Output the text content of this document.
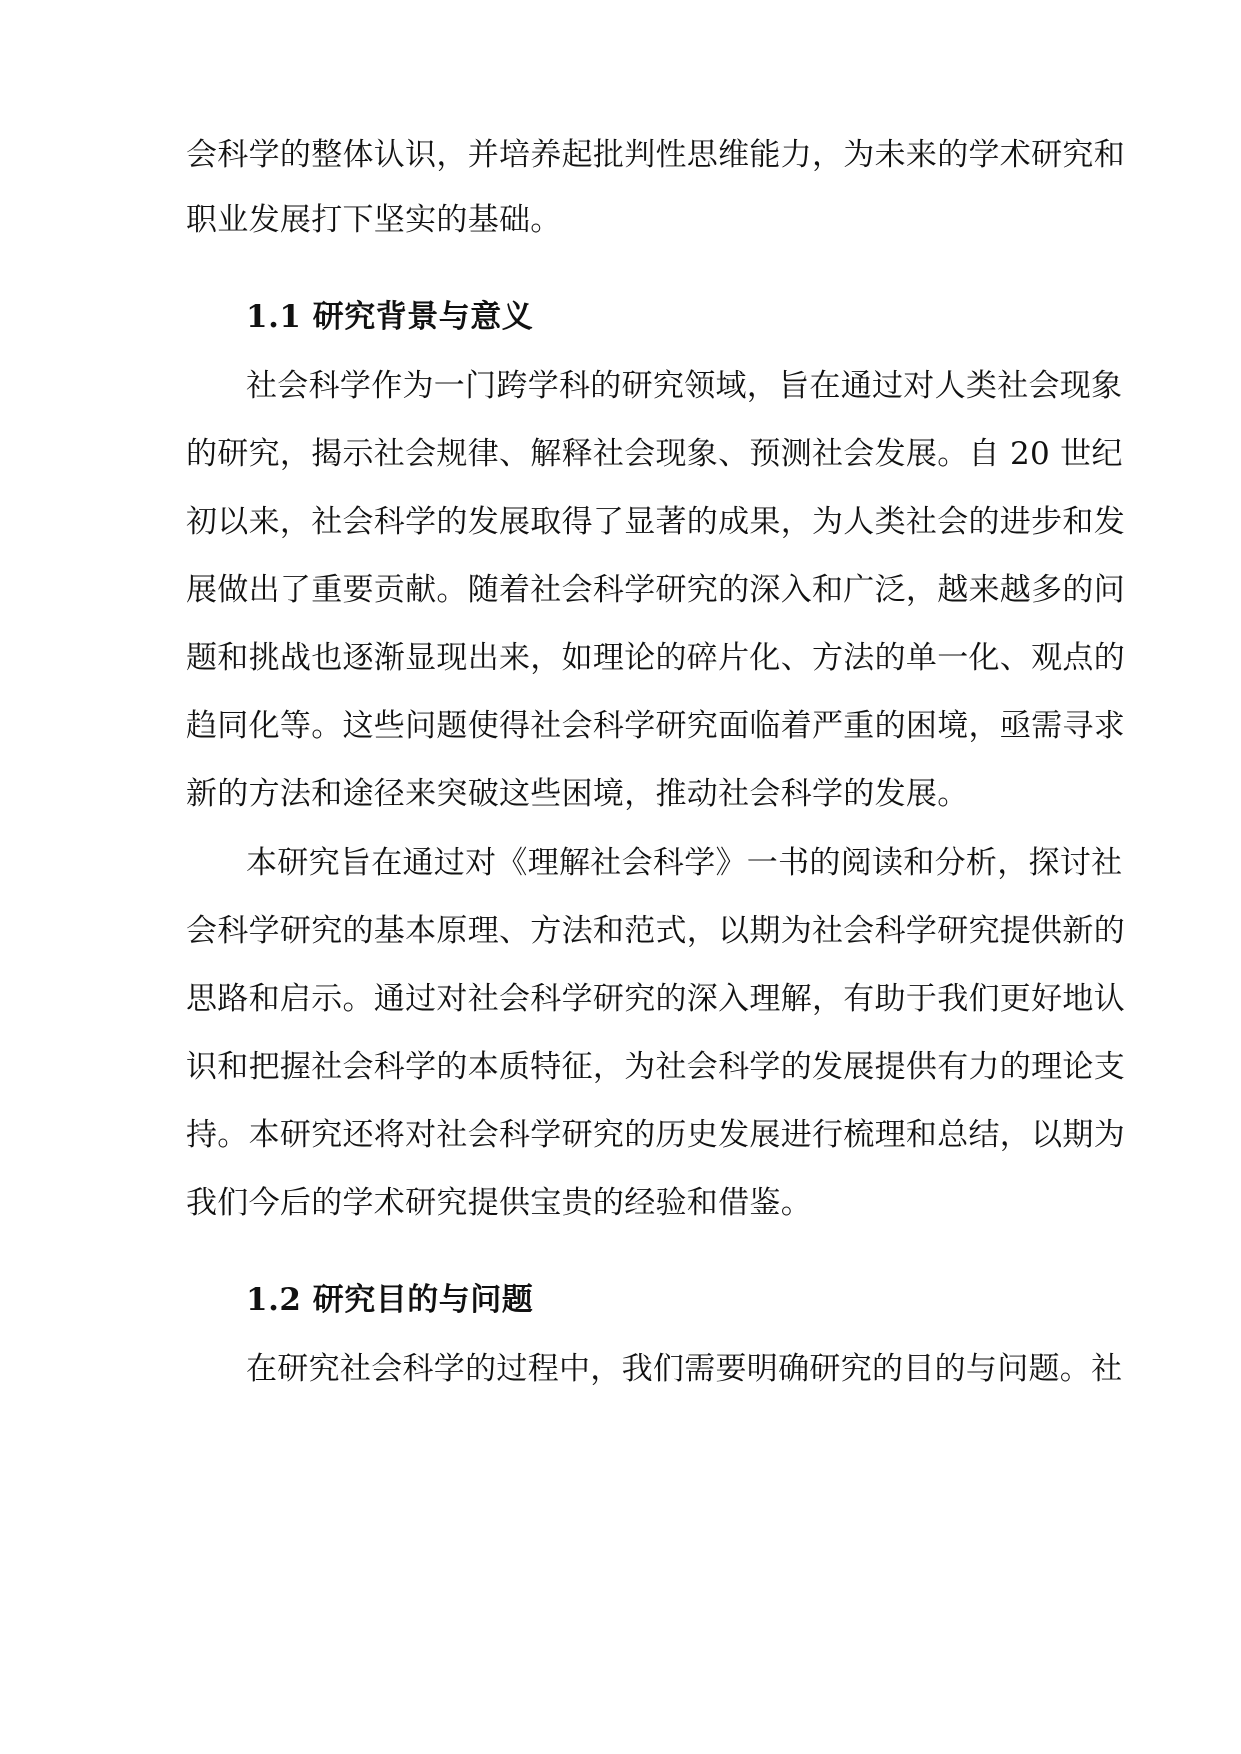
会科学的整体认识，并培养起批判性思维能力，为未来的学术研究和
职业发展打下坚实的基础。
1.1 研究背景与意义
社会科学作为一门跨学科的研究领域，旨在通过对人类社会现象
的研究，揭示社会规律、解释社会现象、预测社会发展。自 20 世纪
初以来，社会科学的发展取得了显著的成果，为人类社会的进步和发
展做出了重要贡献。随着社会科学研究的深入和广泛，越来越多的问
题和挑战也逐渐显现出来，如理论的碎片化、方法的单一化、观点的
趋同化等。这些问题使得社会科学研究面临着严重的困境，亟需寻求
新的方法和途径来突破这些困境，推动社会科学的发展。
本研究旨在通过对《理解社会科学》一书的阅读和分析，探讨社
会科学研究的基本原理、方法和范式，以期为社会科学研究提供新的
思路和启示。通过对社会科学研究的深入理解，有助于我们更好地认
识和把握社会科学的本质特征，为社会科学的发展提供有力的理论支
持。本研究还将对社会科学研究的历史发展进行梳理和总结，以期为
我们今后的学术研究提供宝贵的经验和借鉴。
1.2 研究目的与问题
在研究社会科学的过程中，我们需要明确研究的目的与问题。社
